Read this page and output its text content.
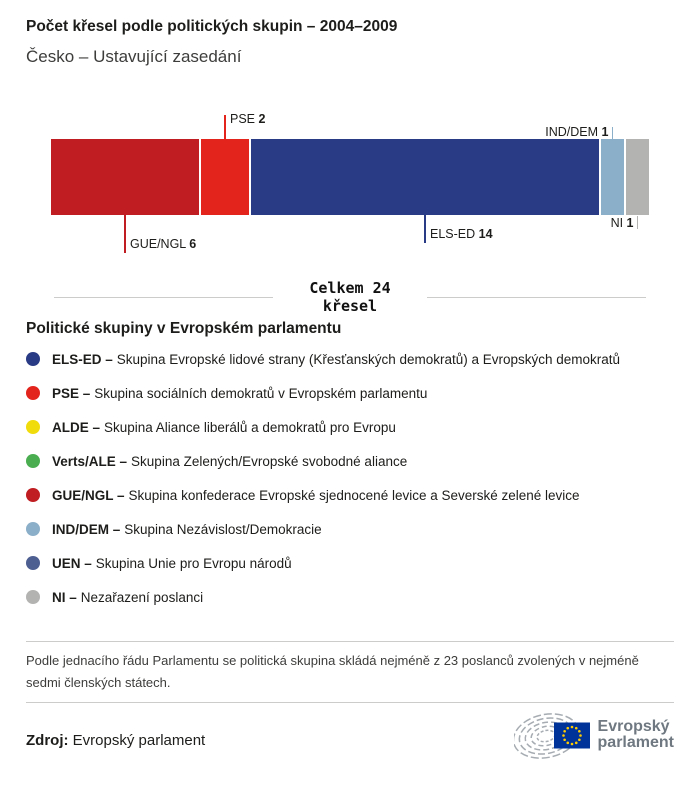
Počet křesel podle politických skupin – 2004–2009
Česko – Ustavující zasedání
GUE/NGL 6
PSE 2
ELS-ED 14
IND/DEM 1
NI 1
Celkem 24
křesel
Politické skupiny v Evropském parlamentu
ELS-ED – Skupina Evropské lidové strany (Křesťanských demokratů) a Evropských demokratů
PSE – Skupina sociálních demokratů v Evropském parlamentu
ALDE – Skupina Aliance liberálů a demokratů pro Evropu
Verts/ALE – Skupina Zelených/Evropské svobodné aliance
GUE/NGL – Skupina konfederace Evropské sjednocené levice a Severské zelené levice
IND/DEM – Skupina Nezávislost/Demokracie
UEN – Skupina Unie pro Evropu národů
NI – Nezařazení poslanci

Podle jednacího řádu Parlamentu se politická skupina skládá nejméně z 23 poslanců zvolených v nejméně sedmi členských státech.

Zdroj: Evropský parlament
Evropský
parlament
